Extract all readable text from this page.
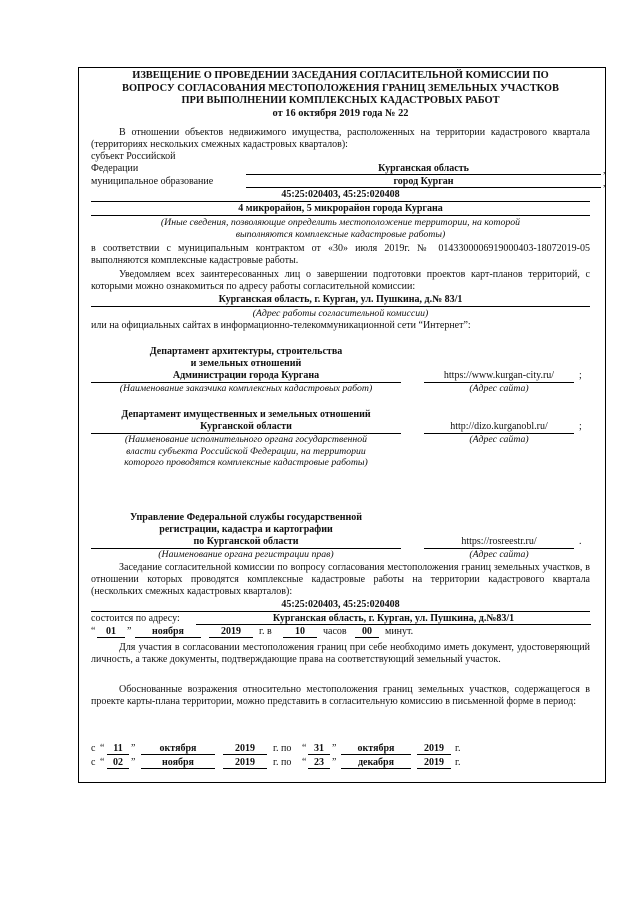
ИЗВЕЩЕНИЕ О ПРОВЕДЕНИИ ЗАСЕДАНИЯ СОГЛАСИТЕЛЬНОЙ КОМИССИИ ПО
ВОПРОСУ СОГЛАСОВАНИЯ МЕСТОПОЛОЖЕНИЯ ГРАНИЦ ЗЕМЕЛЬНЫХ УЧАСТКОВ
ПРИ ВЫПОЛНЕНИИ КОМПЛЕКСНЫХ КАДАСТРОВЫХ РАБОТ
от 16 октября 2019 года № 22
В отношении объектов недвижимого имущества, расположенных на территории кадастрового квартала (территориях нескольких смежных кадастровых кварталов):
субъект Российской
Федерации	Курганская область	,
муниципальное образование	город Курган	,
45:25:020403, 45:25:020408
4 микрорайон, 5 микрорайон города Кургана
(Иные сведения, позволяющие определить местоположение территории, на которой
выполняются комплексные кадастровые работы)
в соответствии с муниципальным контрактом от «30» июля 2019г. № 0143300006919000403-18072019-05 выполняются комплексные кадастровые работы.
Уведомляем всех заинтересованных лиц о завершении подготовки проектов карт-планов территорий, с которыми можно ознакомиться по адресу работы согласительной комиссии:
Курганская область, г. Курган, ул. Пушкина, д.№ 83/1
(Адрес работы согласительной комиссии)
или на официальных сайтах в информационно-телекоммуникационной сети “Интернет”:
Департамент архитектуры, строительства
и земельных отношений
Администрации города Кургана	https://www.kurgan-city.ru/	;
(Наименование заказчика комплексных кадастровых работ)	(Адрес сайта)
Департамент имущественных и земельных отношений
Курганской области	http://dizo.kurganobl.ru/	;
(Наименование исполнительного органа государственной
власти субъекта Российской Федерации, на территории
которого проводятся комплексные кадастровые работы)
(Адрес сайта)
Управление Федеральной службы государственной
регистрации, кадастра и картографии
по Курганской области	https://rosreestr.ru/	.
(Наименование органа регистрации прав)	(Адрес сайта)
Заседание согласительной комиссии по вопросу согласования местоположения границ земельных участков, в отношении которых проводятся комплексные кадастровые работы на территории кадастрового квартала (нескольких смежных кадастровых кварталов):
45:25:020403, 45:25:020408
состоится по адресу:	Курганская область, г. Курган, ул. Пушкина, д.№83/1
“	01	”	ноября	2019	г. в	10	часов	00	минут.
Для участия в согласовании местоположения границ при себе необходимо иметь документ, удостоверяющий личность, а также документы, подтверждающие права на соответствующий земельный участок.
Обоснованные возражения относительно местоположения границ земельных участков, содержащегося в проекте карты-плана территории, можно представить в согласительную комиссию в письменной форме в период:
с “ 11 ”	октября	2019	г. по “ 31 ”	октября	2019	г.
с “ 02 ”	ноября	2019	г. по “ 23 ”	декабря	2019	г.
